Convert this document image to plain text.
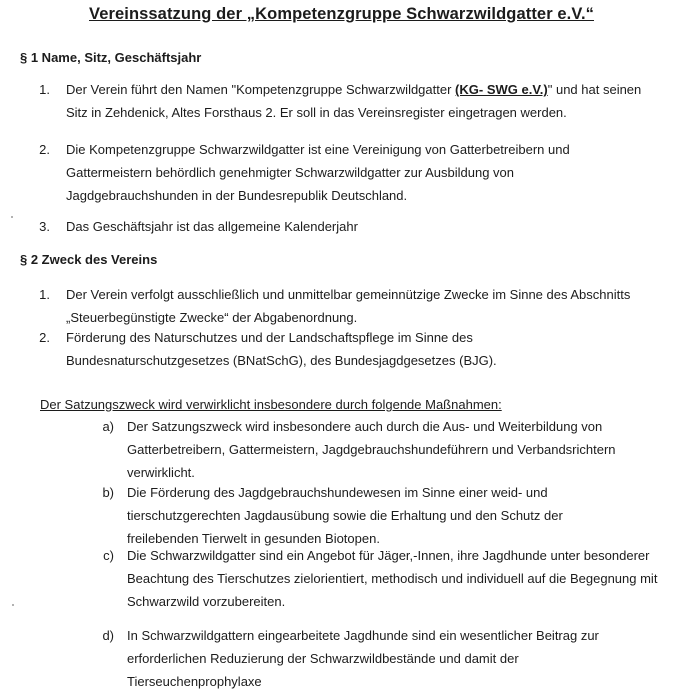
Vereinssatzung der „Kompetenzgruppe Schwarzwildgatter e.V.“
§ 1 Name, Sitz, Geschäftsjahr
1. Der Verein führt den Namen "Kompetenzgruppe Schwarzwildgatter (KG- SWG e.V.)" und hat seinen Sitz in Zehdenick, Altes Forsthaus 2. Er soll in das Vereinsregister eingetragen werden.
2. Die Kompetenzgruppe Schwarzwildgatter ist eine Vereinigung von Gatterbetreibern und Gattermeistern behördlich genehmigter Schwarzwildgatter zur Ausbildung von Jagdgebrauchshunden in der Bundesrepublik Deutschland.
3. Das Geschäftsjahr ist das allgemeine Kalenderjahr
§ 2 Zweck des Vereins
1. Der Verein verfolgt ausschließlich und unmittelbar gemeinnützige Zwecke im Sinne des Abschnitts „Steuerbegünstigte Zwecke“ der Abgabenordnung.
2. Förderung des Naturschutzes und der Landschaftspflege im Sinne des Bundesnaturschutzgesetzes (BNatSchG), des Bundesjagdgesetzes (BJG).
Der Satzungszweck wird verwirklicht insbesondere durch folgende Maßnahmen:
a) Der Satzungszweck wird insbesondere auch durch die Aus- und Weiterbildung von Gatterbetreibern, Gattermeistern, Jagdgebrauchshundeführern und Verbandsrichtern verwirklicht.
b) Die Förderung des Jagdgebrauchshundewesen im Sinne einer weid- und tierschutzgerechten Jagdausübung sowie die Erhaltung und den Schutz der freilebenden Tierwelt in gesunden Biotopen.
c) Die Schwarzwildgatter sind ein Angebot für Jäger,-Innen, ihre Jagdhunde unter besonderer Beachtung des Tierschutzes zielorientiert, methodisch und individuell auf die Begegnung mit Schwarzwild vorzubereiten.
d) In Schwarzwildgattern eingearbeitete Jagdhunde sind ein wesentlicher Beitrag zur erforderlichen Reduzierung der Schwarzwildbestände und damit der Tierseuchenprophylaxe
